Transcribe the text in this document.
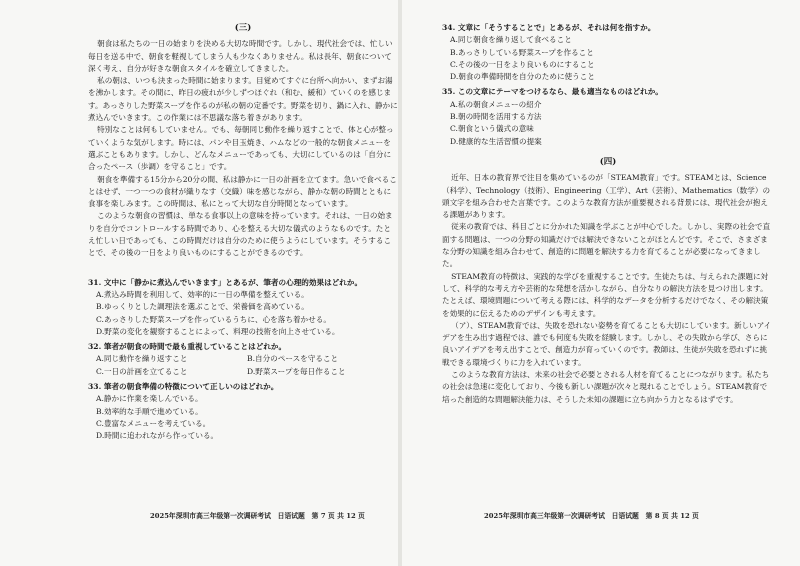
(三)

朝食は私たちの一日の始まりを決める大切な時間です。しかし、現代社会では、忙しい毎日を送る中で、朝食を軽視してしまう人も少なくありません。私は長年、朝食について深く考え、自分が好きな朝食スタイルを確立してきました。

私の朝は、いつも決まった時間に始まります。目覚めてすぐに台所へ向かい、まずお湯を沸かします。その間に、昨日の疲れが少しずつほぐれ（和む、緩和）ていくのを感じます。あっさりした野菜スープを作るのが私の朝の定番です。野菜を切り、鍋に入れ、静かに煮込んでいきます。この作業には不思議な落ち着きがあります。

特別なことは何もしていません。でも、毎朝同じ動作を繰り返すことで、体と心が整っていくような気がします。時には、パンや目玉焼き、ハムなどの一般的な朝食メニューを選ぶこともあります。しかし、どんなメニューであっても、大切にしているのは「自分に合ったペース（歩調）を守ること」です。

朝食を準備する15分から20分の間、私は静かに一日の計画を立てます。急いで食べることはせず、一つ一つの食材が織りなす（交織）味を感じながら、静かな朝の時間とともに食事を楽しみます。この時間は、私にとって大切な自分時間となっています。

このような朝食の習慣は、単なる食事以上の意味を持っています。それは、一日の始まりを自分でコントロールする時間であり、心を整える大切な儀式のようなものです。たとえ忙しい日であっても、この時間だけは自分のために使うようにしています。そうすることで、その後の一日をより良いものにすることができるのです。

31. 文中に「静かに煮込んでいきます」とあるが、筆者の心理的効果はどれか。
A.煮込み時間を利用して、効率的に一日の準備を整えている。
B.ゆっくりとした調理法を選ぶことで、栄養価を高めている。
C.あっさりした野菜スープを作っているうちに、心を落ち着かせる。
D.野菜の変化を観察することによって、料理の技術を向上させている。
32. 筆者が朝食の時間で最も重視していることはどれか。
A.同じ動作を繰り返すこと	B.自分のペースを守ること
C.一日の計画を立てること	D.野菜スープを毎日作ること
33. 筆者の朝食準備の特徴について正しいのはどれか。
A.静かに作業を楽しんでいる。
B.効率的な手順で進めている。
C.豊富なメニューを考えている。
D.時間に追われながら作っている。
2025年深圳市高三年级第一次调研考试　日语试题　第 7 页 共 12 页
34. 文章に「そうすることで」とあるが、それは何を指すか。
A.同じ朝食を繰り返して食べること
B.あっさりしている野菜スープを作ること
C.その後の一日をより良いものにすること
D.朝食の準備時間を自分のために使うこと
35. この文章にテーマをつけるなら、最も適当なものはどれか。
A.私の朝食メニューの紹介
B.朝の時間を活用する方法
C.朝食という儀式の意味
D.健康的な生活習慣の提案
(四)

近年、日本の教育界で注目を集めているのが「STEAM教育」です。STEAMとは、Science（科学）、Technology（技術）、Engineering（工学）、Art（芸術）、Mathematics（数学）の頭文字を組み合わせた言葉です。このような教育方法が重要視される背景には、現代社会が抱える課題があります。

従来の教育では、科目ごとに分かれた知識を学ぶことが中心でした。しかし、実際の社会で直面する問題は、一つの分野の知識だけでは解決できないことがほとんどです。そこで、さまざまな分野の知識を組み合わせて、創造的に問題を解決する力を育てることが必要になってきました。

STEAM教育の特徴は、実践的な学びを重視することです。生徒たちは、与えられた課題に対して、科学的な考え方や芸術的な発想を活かしながら、自分なりの解決方法を見つけ出します。たとえば、環境問題について考える際には、科学的なデータを分析するだけでなく、その解決策を効果的に伝えるためのデザインも考えます。

（ア）、STEAM教育では、失敗を恐れない姿勢を育てることも大切にしています。新しいアイデアを生み出す過程では、誰でも何度も失敗を経験します。しかし、その失敗から学び、さらに良いアイデアを考え出すことで、創造力が育っていくのです。教師は、生徒が失敗を恐れずに挑戦できる環境づくりに力を入れています。

このような教育方法は、未来の社会で必要とされる人材を育てることにつながります。私たちの社会は急速に変化しており、今後も新しい課題が次々と現れることでしょう。STEAM教育で培った創造的な問題解決能力は、そうした未知の課題に立ち向かう力となるはずです。

2025年深圳市高三年级第一次调研考试　日语试题　第 8 页 共 12 页
